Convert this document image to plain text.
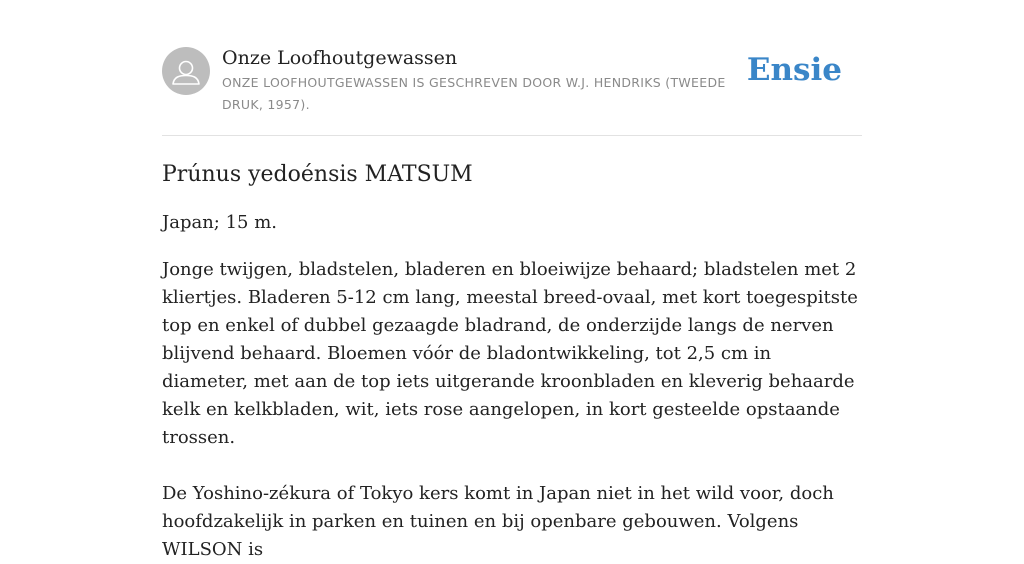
Onze Loofhoutgewassen
ONZE LOOFHOUTGEWASSEN IS GESCHREVEN DOOR W.J. HENDRIKS (TWEEDE DRUK, 1957).
Ensie
Prúnus yedoénsis MATSUM

Japan; 15 m.

Jonge twijgen, bladstelen, bladeren en bloeiwijze behaard; bladstelen met 2 kliertjes. Bladeren 5-12 cm lang, meestal breed-ovaal, met kort toegespitste top en enkel of dubbel gezaagde bladrand, de onderzijde langs de nerven blijvend behaard. Bloemen vóór de bladontwikkeling, tot 2,5 cm in diameter, met aan de top iets uitgerande kroonbladen en kleverig behaarde kelk en kelkbladen, wit, iets rose aangelopen, in kort gesteelde opstaande trossen.

De Yoshino-zékura of Tokyo kers komt in Japan niet in het wild voor, doch hoofdzakelijk in parken en tuinen en bij openbare gebouwen. Volgens WILSON is
